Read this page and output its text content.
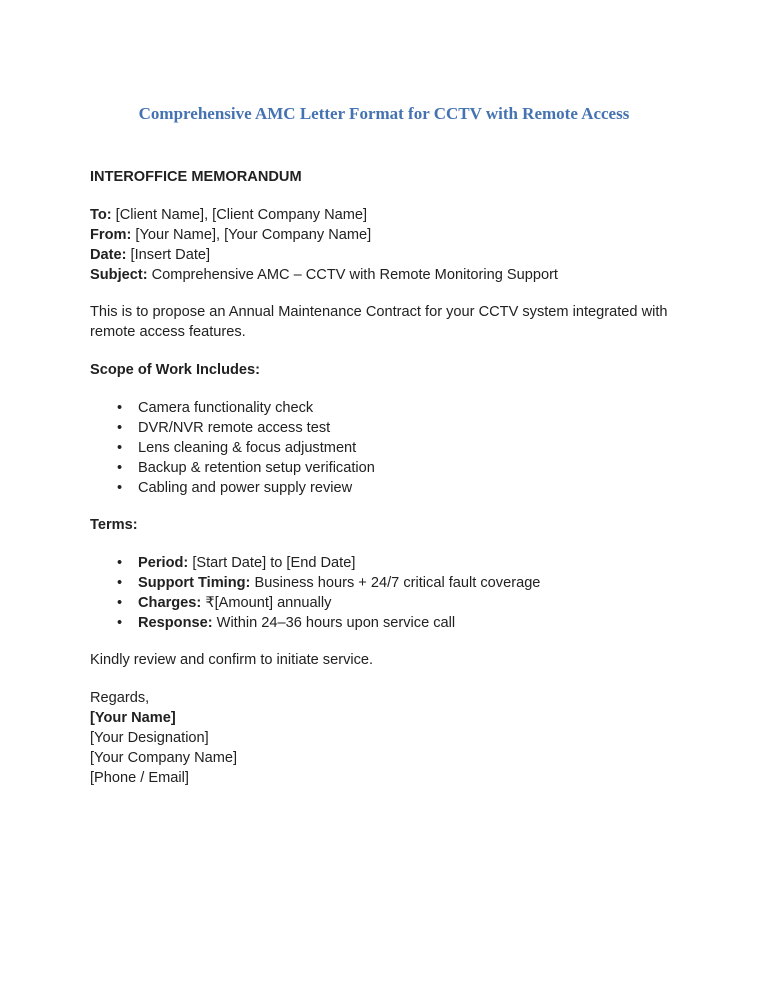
Comprehensive AMC Letter Format for CCTV with Remote Access

INTEROFFICE MEMORANDUM

To: [Client Name], [Client Company Name]
From: [Your Name], [Your Company Name]
Date: [Insert Date]
Subject: Comprehensive AMC – CCTV with Remote Monitoring Support

This is to propose an Annual Maintenance Contract for your CCTV system integrated with remote access features.

Scope of Work Includes:

• Camera functionality check
• DVR/NVR remote access test
• Lens cleaning & focus adjustment
• Backup & retention setup verification
• Cabling and power supply review

Terms:

• Period: [Start Date] to [End Date]
• Support Timing: Business hours + 24/7 critical fault coverage
• Charges: ₹[Amount] annually
• Response: Within 24–36 hours upon service call

Kindly review and confirm to initiate service.

Regards,
[Your Name]
[Your Designation]
[Your Company Name]
[Phone / Email]
